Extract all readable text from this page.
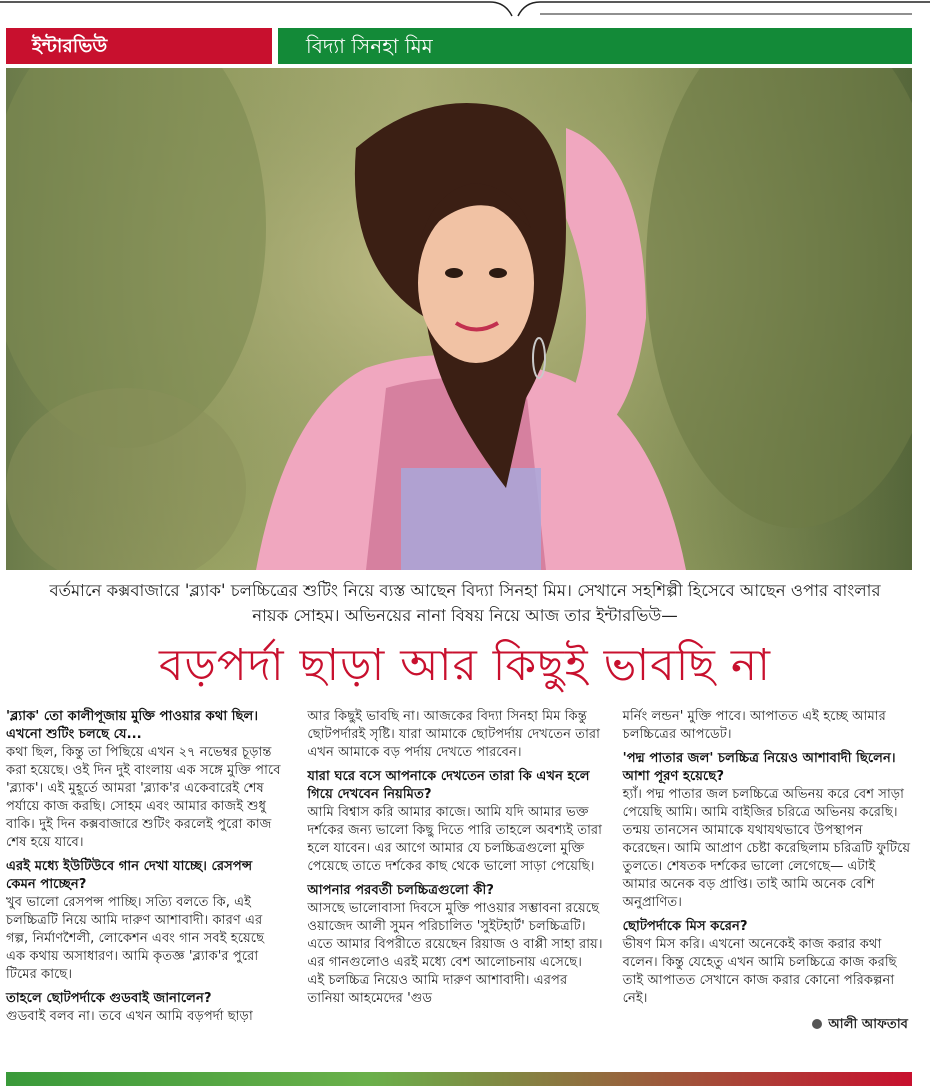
ইন্টারভিউ	বিদ্যা সিনহা মিম
বর্তমানে কক্সবাজারে 'ব্ল্যাক' চলচ্চিত্রের শুটিং নিয়ে ব্যস্ত আছেন বিদ্যা সিনহা মিম। সেখানে সহশিল্পী হিসেবে আছেন ওপার বাংলার নায়ক সোহম। অভিনয়ের নানা বিষয় নিয়ে আজ তার ইন্টারভিউ—
বড়পর্দা ছাড়া আর কিছুই ভাবছি না
'ব্ল্যাক' তো কালীপূজায় মুক্তি পাওয়ার কথা ছিল। এখনো শুটিং চলছে যে...
কথা ছিল, কিন্তু তা পিছিয়ে এখন ২৭ নভেম্বর চূড়ান্ত করা হয়েছে। ওই দিন দুই বাংলায় এক সঙ্গে মুক্তি পাবে 'ব্ল্যাক'। এই মুহূর্তে আমরা 'ব্ল্যাক'র একেবারেই শেষ পর্যায়ে কাজ করছি। সোহম এবং আমার কাজই শুধু বাকি। দুই দিন কক্সবাজারে শুটিং করলেই পুরো কাজ শেষ হয়ে যাবে।
এরই মধ্যে ইউটিউবে গান দেখা যাচ্ছে। রেসপন্স কেমন পাচ্ছেন?
খুব ভালো রেসপন্স পাচ্ছি। সত্যি বলতে কি, এই চলচ্চিত্রটি নিয়ে আমি দারুণ আশাবাদী। কারণ এর গল্প, নির্মাণশৈলী, লোকেশন এবং গান সবই হয়েছে এক কথায় অসাধারণ। আমি কৃতজ্ঞ 'ব্ল্যাক'র পুরো টিমের কাছে।
তাহলে ছোটপর্দাকে গুডবাই জানালেন?
গুডবাই বলব না। তবে এখন আমি বড়পর্দা ছাড়া
আর কিছুই ভাবছি না। আজকের বিদ্যা সিনহা মিম কিন্তু ছোটপর্দারই সৃষ্টি। যারা আমাকে ছোটপর্দায় দেখতেন তারা এখন আমাকে বড় পর্দায় দেখতে পারবেন।
যারা ঘরে বসে আপনাকে দেখতেন তারা কি এখন হলে গিয়ে দেখবেন নিয়মিত?
আমি বিশ্বাস করি আমার কাজে। আমি যদি আমার ভক্ত দর্শকের জন্য ভালো কিছু দিতে পারি তাহলে অবশ্যই তারা হলে যাবেন। এর আগে আমার যে চলচ্চিত্রগুলো মুক্তি পেয়েছে তাতে দর্শকের কাছ থেকে ভালো সাড়া পেয়েছি।
আপনার পরবর্তী চলচ্চিত্রগুলো কী?
আসছে ভালোবাসা দিবসে মুক্তি পাওয়ার সম্ভাবনা রয়েছে ওয়াজেদ আলী সুমন পরিচালিত 'সুইটহার্ট' চলচ্চিত্রটি। এতে আমার বিপরীতে রয়েছেন রিয়াজ ও বাপ্পী সাহা রায়। এর গানগুলোও এরই মধ্যে বেশ আলোচনায় এসেছে। এই চলচ্চিত্র নিয়েও আমি দারুণ আশাবাদী। এরপর তানিয়া আহমেদের 'গুড
মর্নিং লন্ডন' মুক্তি পাবে। আপাতত এই হচ্ছে আমার চলচ্চিত্রের আপডেট।
'পদ্ম পাতার জল' চলচ্চিত্র নিয়েও আশাবাদী ছিলেন। আশা পূরণ হয়েছে?
হ্যাঁ। পদ্ম পাতার জল চলচ্চিত্রে অভিনয় করে বেশ সাড়া পেয়েছি আমি। আমি বাইজির চরিত্রে অভিনয় করেছি। তন্ময় তানসেন আমাকে যথাযথভাবে উপস্থাপন করেছেন। আমি আপ্রাণ চেষ্টা করেছিলাম চরিত্রটি ফুটিয়ে তুলতে। শেষতক দর্শকের ভালো লেগেছে— এটাই আমার অনেক বড় প্রাপ্তি। তাই আমি অনেক বেশি অনুপ্রাণিত।
ছোটপর্দাকে মিস করেন?
ভীষণ মিস করি। এখনো অনেকেই কাজ করার কথা বলেন। কিন্তু যেহেতু এখন আমি চলচ্চিত্রে কাজ করছি তাই আপাতত সেখানে কাজ করার কোনো পরিকল্পনা নেই।
আলী আফতাব
